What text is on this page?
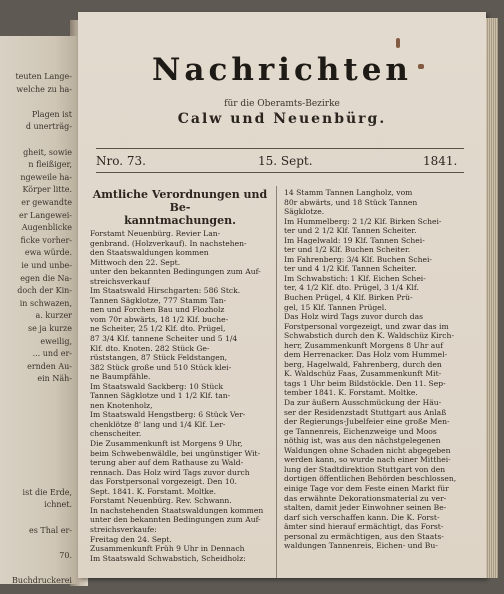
teuten Lange-
welche zu ha-
Plagen ist
d unerträg-
gheit, sowie
n fleißiger,
ngeweile ha-
Körper litte.
er gewandte
er Langewei-
Augenblicke
ficke vorher-
ewa würde.
ie und unbe-
egen die Na-
doch der Kin-
in schwazen,
a. kurzer
se ja kurze
eweilig,
... und er-
ernden Au-
ein Näh-
ist die Erde,
ichnet.
es Thal er-
70.
Buchdruckerei
Nachrichten
für die Oberamts-Bezirke
Calw und Neuenbürg.
Nro. 73.	15. Sept.	1841.
Amtliche Verordnungen und Be-
kanntmachungen.
Forstamt Neuenbürg. Revier Lan-
genbrand. (Holzverkauf). In nachstehen-
den Staatswaldungen kommen
Mittwoch den 22. Sept.
unter den bekannten Bedingungen zum Auf-
streichsverkauf
Im Staatswald Hirschgarten: 586 Stck.
Tannen Sägklotze, 777 Stamm Tan-
nen und Forchen Bau und Flozholz
vom 70r abwärts, 18 1/2 Klf. buche-
ne Scheiter, 25 1/2 Klf. dto. Prügel,
87 3/4 Klf. tannene Scheiter und 5 1/4
Klf. dto. Knoten. 282 Stück Ge-
rüststangen, 87 Stück Feldstangen,
382 Stück große und 510 Stück klei-
ne Baumpfähle.
Im Staatswald Sackberg: 10 Stück
Tannen Sägklotze und 1 1/2 Klf. tan-
nen Knotenholz,
Im Staatswald Hengstberg: 6 Stück Ver-
chenklötze 8' lang und 1/4 Klf. Ler-
chenscheiter.
Die Zusammenkunft ist Morgens 9 Uhr,
beim Schwebenwäldle, bei ungünstiger Wit-
terung aber auf dem Rathause zu Wald-
rennach. Das Holz wird Tags zuvor durch
das Forstpersonal vorgezeigt. Den 10.
Sept. 1841. K. Forstamt. Moltke.
Forstamt Neuenbürg. Rev. Schwann.
In nachstehenden Staatswaldungen kommen
unter den bekannten Bedingungen zum Auf-
streichsverkaufe:
Freitag den 24. Sept.
Zusammenkunft Früh 9 Uhr in Dennach
Im Staatswald Schwabstich, Scheidholz:
14 Stamm Tannen Langholz, vom
80r abwärts, und 18 Stück Tannen
Sägklotze.
Im Hummelberg: 2 1/2 Klf. Birken Schei-
ter und 2 1/2 Klf. Tannen Scheiter.
Im Hagelwald: 19 Klf. Tannen Schei-
ter und 1/2 Klf. Buchen Scheiter.
Im Fahrenberg: 3/4 Klf. Buchen Schei-
ter und 4 1/2 Klf. Tannen Scheiter.
Im Schwabstich: 1 Klf. Eichen Schei-
ter, 4 1/2 Klf. dto. Prügel, 3 1/4 Klf.
Buchen Prügel, 4 Klf. Birken Prü-
gel, 15 Klf. Tannen Prügel.
Das Holz wird Tags zuvor durch das
Forstpersonal vorgezeigt, und zwar das im
Schwabstich durch den K. Waldschüz Kirch-
herr, Zusammenkunft Morgens 8 Uhr auf
dem Herrenacker. Das Holz vom Hummel-
berg, Hagelwald, Fahrenberg, durch den
K. Waldschüz Faas, Zusammenkunft Mit-
tags 1 Uhr beim Bildstöckle. Den 11. Sep-
tember 1841. K. Forstamt. Moltke.
Da zur äußern Ausschmückung der Häu-
ser der Residenzstadt Stuttgart aus Anlaß
der Regierungs-Jubelfeier eine große Men-
ge Tannenreis, Eichenzweige und Moos
nöthig ist, was aus den nächstgelegenen
Waldungen ohne Schaden nicht abgegeben
werden kann, so wurde nach einer Mitthei-
lung der Stadtdirektion Stuttgart von den
dortigen öffentlichen Behörden beschlossen,
einige Tage vor dem Feste einen Markt für
das erwähnte Dekorationsmaterial zu ver-
stalten, damit jeder Einwohner seinen Be-
darf sich verschaffen kann. Die K. Forst-
ämter sind hierauf ermächtigt, das Forst-
personal zu ermächtigen, aus den Staats-
waldungen Tannenreis, Eichen- und Bu-
